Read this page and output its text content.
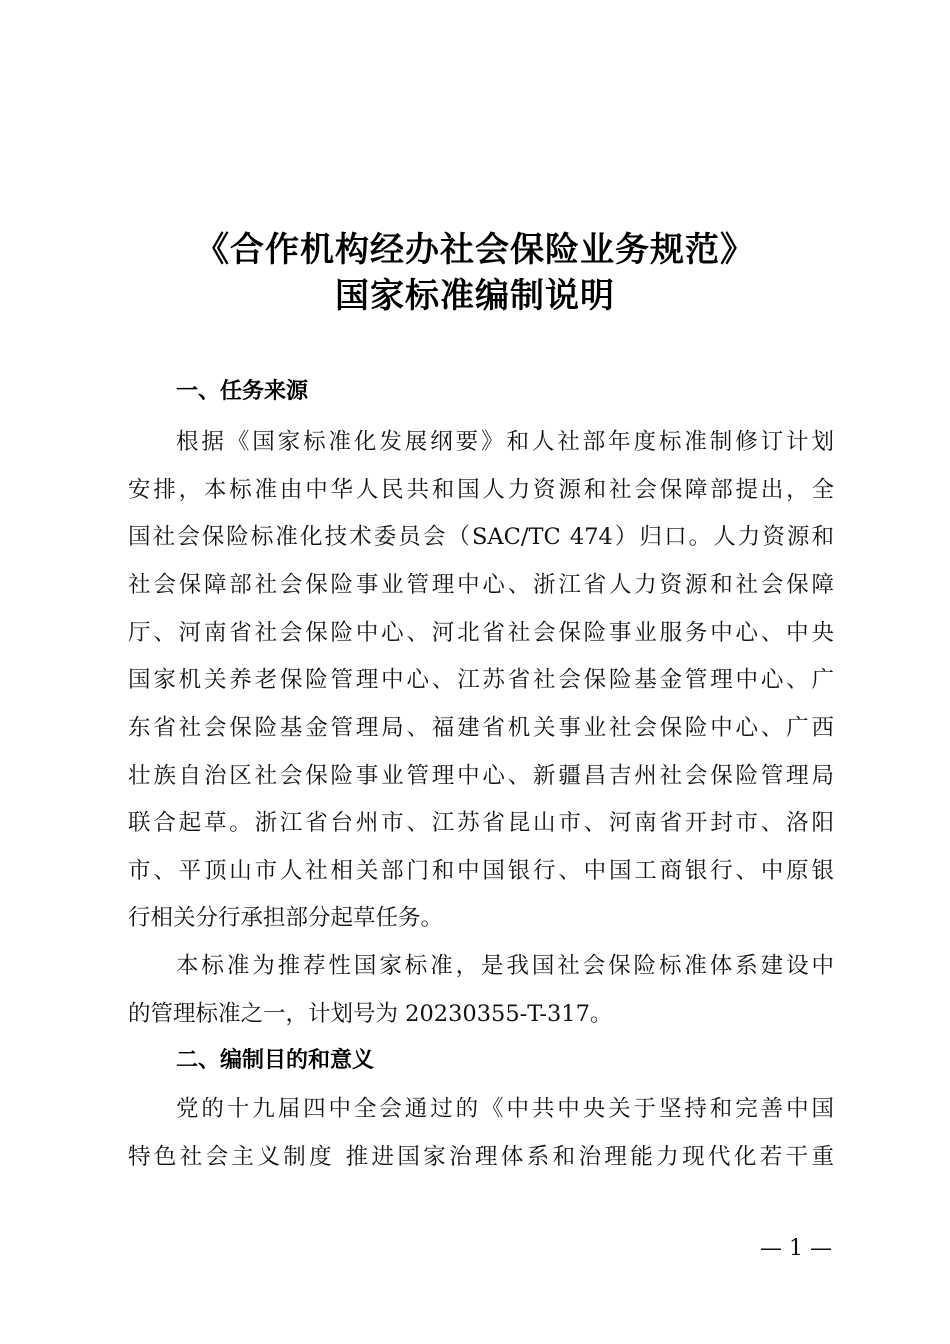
《合作机构经办社会保险业务规范》
国家标准编制说明
一、任务来源
根据《国家标准化发展纲要》和人社部年度标准制修订计划
安排，本标准由中华人民共和国人力资源和社会保障部提出，全
国社会保险标准化技术委员会（SAC/TC 474）归口。人力资源和
社会保障部社会保险事业管理中心、浙江省人力资源和社会保障
厅、河南省社会保险中心、河北省社会保险事业服务中心、中央
国家机关养老保险管理中心、江苏省社会保险基金管理中心、广
东省社会保险基金管理局、福建省机关事业社会保险中心、广西
壮族自治区社会保险事业管理中心、新疆昌吉州社会保险管理局
联合起草。浙江省台州市、江苏省昆山市、河南省开封市、洛阳
市、平顶山市人社相关部门和中国银行、中国工商银行、中原银
行相关分行承担部分起草任务。
本标准为推荐性国家标准，是我国社会保险标准体系建设中
的管理标准之一，计划号为 20230355-T-317。
二、编制目的和意义
党的十九届四中全会通过的《中共中央关于坚持和完善中国
特色社会主义制度 推进国家治理体系和治理能力现代化若干重
— 1 —
